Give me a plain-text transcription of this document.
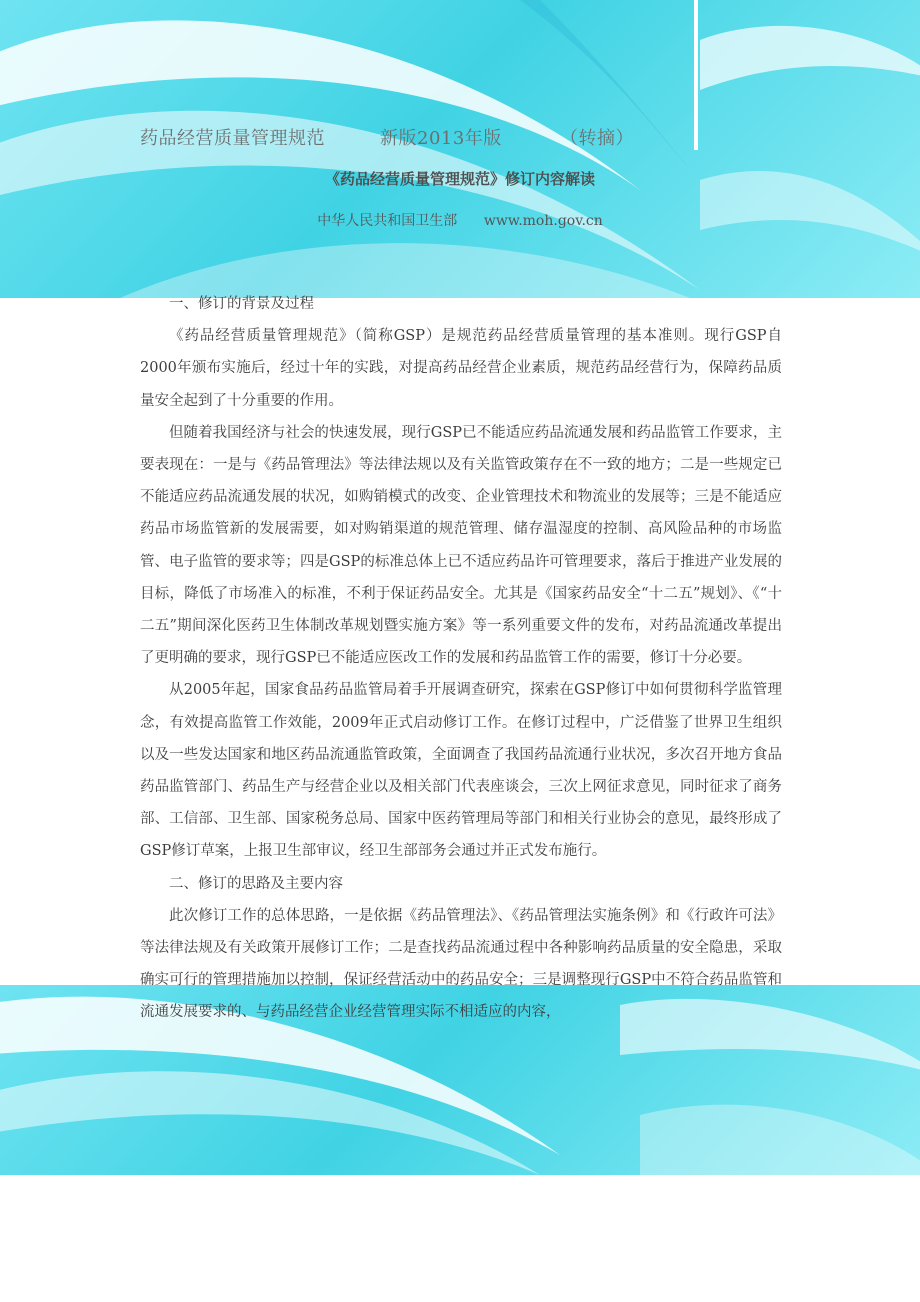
药品经营质量管理规范	新版2013年版	（转摘）
《药品经营质量管理规范》修订内容解读
中华人民共和国卫生部      www.moh.gov.cn

一、修订的背景及过程

《药品经营质量管理规范》（简称GSP）是规范药品经营质量管理的基本准则。现行GSP自2000年颁布实施后，经过十年的实践，对提高药品经营企业素质，规范药品经营行为，保障药品质量安全起到了十分重要的作用。

但随着我国经济与社会的快速发展，现行GSP已不能适应药品流通发展和药品监管工作要求，主要表现在：一是与《药品管理法》等法律法规以及有关监管政策存在不一致的地方；二是一些规定已不能适应药品流通发展的状况，如购销模式的改变、企业管理技术和物流业的发展等；三是不能适应药品市场监管新的发展需要，如对购销渠道的规范管理、储存温湿度的控制、高风险品种的市场监管、电子监管的要求等；四是GSP的标准总体上已不适应药品许可管理要求，落后于推进产业发展的目标，降低了市场准入的标准，不利于保证药品安全。尤其是《国家药品安全“十二五”规划》、《“十二五”期间深化医药卫生体制改革规划暨实施方案》等一系列重要文件的发布，对药品流通改革提出了更明确的要求，现行GSP已不能适应医改工作的发展和药品监管工作的需要，修订十分必要。

从2005年起，国家食品药品监管局着手开展调查研究，探索在GSP修订中如何贯彻科学监管理念，有效提高监管工作效能，2009年正式启动修订工作。在修订过程中，广泛借鉴了世界卫生组织以及一些发达国家和地区药品流通监管政策，全面调查了我国药品流通行业状况，多次召开地方食品药品监管部门、药品生产与经营企业以及相关部门代表座谈会，三次上网征求意见，同时征求了商务部、工信部、卫生部、国家税务总局、国家中医药管理局等部门和相关行业协会的意见，最终形成了GSP修订草案，上报卫生部审议，经卫生部部务会通过并正式发布施行。

二、修订的思路及主要内容

此次修订工作的总体思路，一是依据《药品管理法》、《药品管理法实施条例》和《行政许可法》等法律法规及有关政策开展修订工作；二是查找药品流通过程中各种影响药品质量的安全隐患，采取确实可行的管理措施加以控制，保证经营活动中的药品安全；三是调整现行GSP中不符合药品监管和流通发展要求的、与药品经营企业经营管理实际不相适应的内容，
